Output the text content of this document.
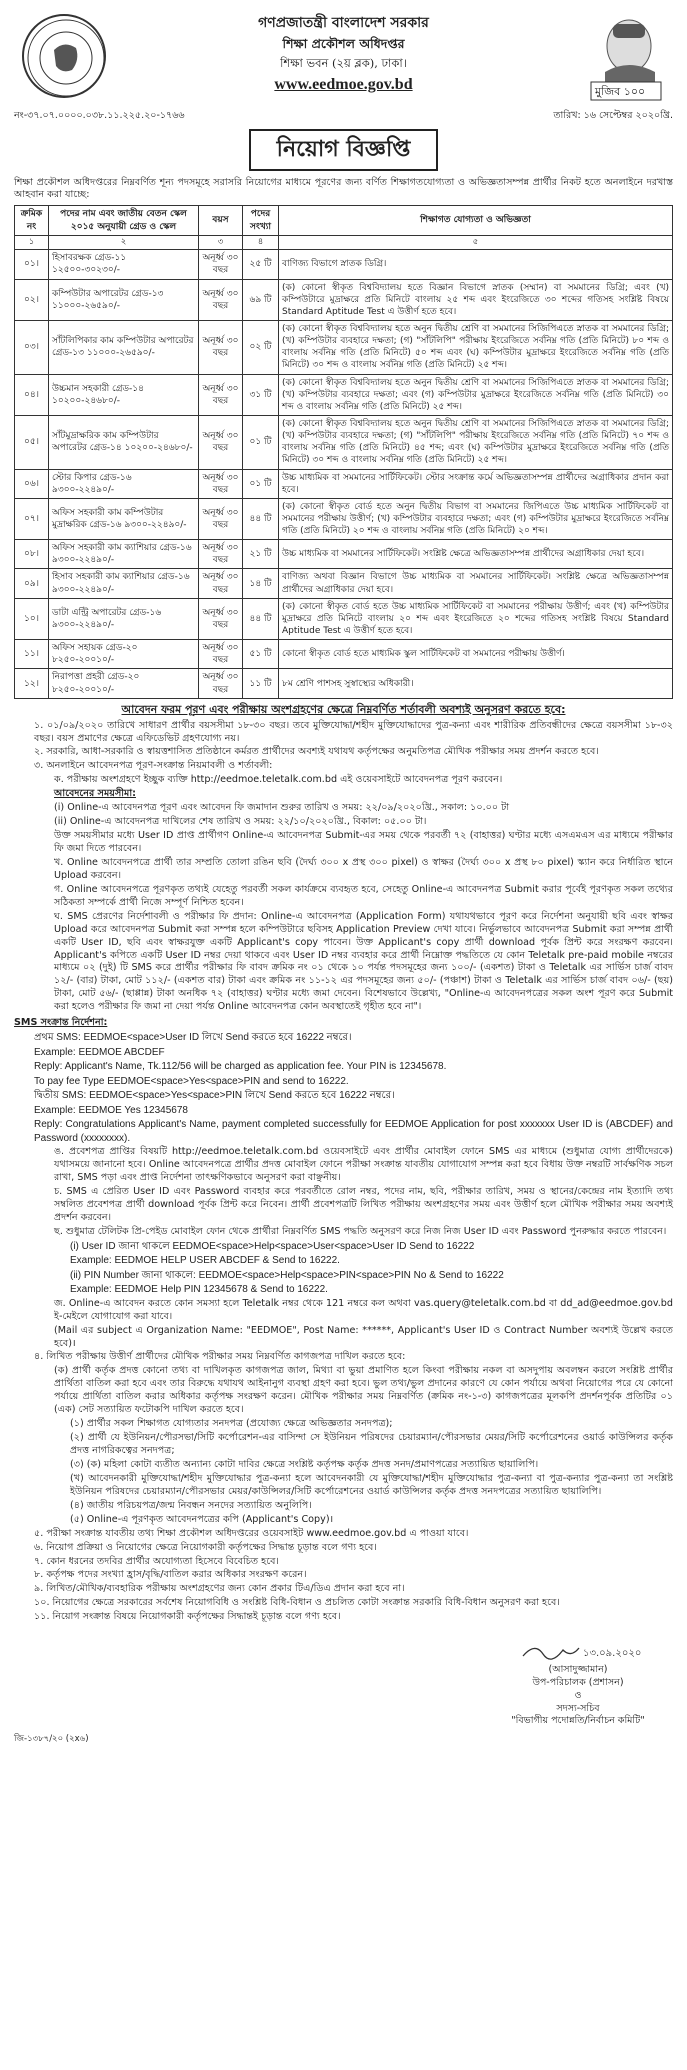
মুজিব ১০০
গণপ্রজাতন্ত্রী বাংলাদেশ সরকার
শিক্ষা প্রকৌশল অধিদপ্তর
শিক্ষা ভবন (২য় ব্লক), ঢাকা।
www.eedmoe.gov.bd
নং-৩৭.০৭.০০০০.০৩৮.১১.২২৫.২০-১৭৬৬	তারিখ: ১৬ সেপ্টেম্বর ২০২০খ্রি.
নিয়োগ বিজ্ঞপ্তি
শিক্ষা প্রকৌশল অধিদপ্তরের নিম্নবর্ণিত শূন্য পদসমূহে সরাসরি নিয়োগের মাধ্যমে পূরণের জন্য বর্ণিত শিক্ষাগতযোগ্যতা ও অভিজ্ঞতাসম্পন্ন প্রার্থীর নিকট হতে অনলাইনে দরখাস্ত আহবান করা যাচ্ছে:
ক্রমিক নং	পদের নাম এবং জাতীয় বেতন স্কেল ২০১৫ অনুযায়ী গ্রেড ও স্কেল	বয়স	পদের সংখ্যা	শিক্ষাগত যোগ্যতা ও অভিজ্ঞতা
১	২	৩	৪	৫
০১।	হিসাবরক্ষক গ্রেড-১১ ১২৫০০-৩০২৩০/-	অনূর্ধ্ব ৩০ বছর	২৫ টি	বাণিজ্য বিভাগে স্নাতক ডিগ্রি।
০২।	কম্পিউটার অপারেটর গ্রেড-১৩ ১১০০০-২৬৫৯০/-	অনূর্ধ্ব ৩০ বছর	৬৯ টি	(ক) কোনো স্বীকৃত বিশ্ববিদ্যালয় হতে বিজ্ঞান বিভাগে স্নাতক (সম্মান) বা সমমানের ডিগ্রি; এবং (খ) কম্পিউটারে মুদ্রাক্ষরে প্রতি মিনিটে বাংলায় ২৫ শব্দ এবং ইংরেজিতে ৩০ শব্দের গতিসহ সংশ্লিষ্ট বিষয়ে Standard Aptitude Test এ উত্তীর্ণ হতে হবে।
০৩।	সাঁটলিপিকার কাম কম্পিউটার অপারেটর গ্রেড-১৩ ১১০০০-২৬৫৯০/-	অনূর্ধ্ব ৩০ বছর	০২ টি	(ক) কোনো স্বীকৃত বিশ্ববিদ্যালয় হতে অনুন দ্বিতীয় শ্রেণি বা সমমানের সিজিপিএতে স্নাতক বা সমমানের ডিগ্রি; (খ) কম্পিউটার ব্যবহারে দক্ষতা; (গ) "সাঁটলিপি" পরীক্ষায় ইংরেজিতে সর্বনিম্ন গতি (প্রতি মিনিটে) ৮০ শব্দ ও বাংলায় সর্বনিম্ন গতি (প্রতি মিনিটে) ৫০ শব্দ এবং (ঘ) কম্পিউটার মুদ্রাক্ষরে ইংরেজিতে সর্বনিম্ন গতি (প্রতি মিনিটে) ৩০ শব্দ ও বাংলায় সর্বনিম্ন গতি (প্রতি মিনিটে) ২৫ শব্দ।
০৪।	উচ্চমান সহকারী গ্রেড-১৪ ১০২০০-২৪৬৮০/-	অনূর্ধ্ব ৩০ বছর	৩১ টি	(ক) কোনো স্বীকৃত বিশ্ববিদ্যালয় হতে অনুন দ্বিতীয় শ্রেণি বা সমমানের সিজিপিএতে স্নাতক বা সমমানের ডিগ্রি; (খ) কম্পিউটার ব্যবহারে দক্ষতা; এবং (গ) কম্পিউটার মুদ্রাক্ষরে ইংরেজিতে সর্বনিম্ন গতি (প্রতি মিনিটে) ৩০ শব্দ ও বাংলায় সর্বনিম্ন গতি (প্রতি মিনিটে) ২৫ শব্দ।
০৫।	সাঁটমুদ্রাক্ষরিক কাম কম্পিউটার অপারেটর গ্রেড-১৪ ১০২০০-২৪৬৮০/-	অনূর্ধ্ব ৩০ বছর	০১ টি	(ক) কোনো স্বীকৃত বিশ্ববিদ্যালয় হতে অনুন দ্বিতীয় শ্রেণি বা সমমানের সিজিপিএতে স্নাতক বা সমমানের ডিগ্রি; (খ) কম্পিউটার ব্যবহারে দক্ষতা; (গ) "সাঁটলিপি" পরীক্ষায় ইংরেজিতে সর্বনিম্ন গতি (প্রতি মিনিটে) ৭০ শব্দ ও বাংলায় সর্বনিম্ন গতি (প্রতি মিনিটে) ৪৫ শব্দ; এবং (ঘ) কম্পিউটার মুদ্রাক্ষরে ইংরেজিতে সর্বনিম্ন গতি (প্রতি মিনিটে) ৩০ শব্দ ও বাংলায় সর্বনিম্ন গতি (প্রতি মিনিটে) ২৫ শব্দ।
০৬।	স্টোর কিপার গ্রেড-১৬ ৯৩০০-২২৪৯০/-	অনূর্ধ্ব ৩০ বছর	০১ টি	উচ্চ মাধ্যমিক বা সমমানের সার্টিফিকেট। স্টোর সংক্রান্ত কর্মে অভিজ্ঞতাসম্পন্ন প্রার্থীদের অগ্রাধিকার প্রদান করা হবে।
০৭।	অফিস সহকারী কাম কম্পিউটার মুদ্রাক্ষরিক গ্রেড-১৬ ৯৩০০-২২৪৯০/-	অনূর্ধ্ব ৩০ বছর	৪৪ টি	(ক) কোনো স্বীকৃত বোর্ড হতে অনুন দ্বিতীয় বিভাগ বা সমমানের জিপিএতে উচ্চ মাধ্যমিক সার্টিফিকেট বা সমমানের পরীক্ষায় উত্তীর্ণ; (খ) কম্পিউটার ব্যবহারে দক্ষতা; এবং (গ) কম্পিউটার মুদ্রাক্ষরে ইংরেজিতে সর্বনিম্ন গতি (প্রতি মিনিটে) ২০ শব্দ ও বাংলায় সর্বনিম্ন গতি (প্রতি মিনিটে) ২০ শব্দ।
০৮।	অফিস সহকারী কাম ক্যাশিয়ার গ্রেড-১৬ ৯৩০০-২২৪৯০/-	অনূর্ধ্ব ৩০ বছর	২১ টি	উচ্চ মাধ্যমিক বা সমমানের সার্টিফিকেট। সংশ্লিষ্ট ক্ষেত্রে অভিজ্ঞতাসম্পন্ন প্রার্থীদের অগ্রাধিকার দেয়া হবে।
০৯।	হিসাব সহকারী কাম ক্যাশিয়ার গ্রেড-১৬ ৯৩০০-২২৪৯০/-	অনূর্ধ্ব ৩০ বছর	১৪ টি	বাণিজ্য অথবা বিজ্ঞান বিভাগে উচ্চ মাধ্যমিক বা সমমানের সার্টিফিকেট। সংশ্লিষ্ট ক্ষেত্রে অভিজ্ঞতাসম্পন্ন প্রার্থীদের অগ্রাধিকার দেয়া হবে।
১০।	ডাটা এন্ট্রি অপারেটর গ্রেড-১৬ ৯৩০০-২২৪৯০/-	অনূর্ধ্ব ৩০ বছর	৪৪ টি	(ক) কোনো স্বীকৃত বোর্ড হতে উচ্চ মাধ্যমিক সার্টিফিকেট বা সমমানের পরীক্ষায় উত্তীর্ণ; এবং (খ) কম্পিউটার মুদ্রাক্ষরে প্রতি মিনিটে বাংলায় ২০ শব্দ এবং ইংরেজিতে ২০ শব্দের গতিসহ সংশ্লিষ্ট বিষয়ে Standard Aptitude Test এ উত্তীর্ণ হতে হবে।
১১।	অফিস সহায়ক গ্রেড-২০ ৮২৫০-২০০১০/-	অনূর্ধ্ব ৩০ বছর	৫১ টি	কোনো স্বীকৃত বোর্ড হতে মাধ্যমিক স্কুল সার্টিফিকেট বা সমমানের পরীক্ষায় উত্তীর্ণ।
১২।	নিরাপত্তা প্রহরী গ্রেড-২০ ৮২৫০-২০০১০/-	অনূর্ধ্ব ৩০ বছর	১১ টি	৮ম শ্রেণি পাশসহ সুস্বাস্থ্যের অধিকারী।
আবেদন ফরম পূরণ এবং পরীক্ষায় অংশগ্রহণের ক্ষেত্রে নিম্নবর্ণিত শর্তাবলী অবশ্যই অনুসরণ করতে হবে:
১. ০১/০৯/২০২০ তারিখে সাধারণ প্রার্থীর বয়সসীমা ১৮-৩০ বছর। তবে মুক্তিযোদ্ধা/শহীদ মুক্তিযোদ্ধাদের পুত্র-কন্যা এবং শারীরিক প্রতিবন্ধীদের ক্ষেত্রে বয়সসীমা ১৮-৩২ বছর। বয়স প্রমাণের ক্ষেত্রে এফিডেভিট গ্রহণযোগ্য নয়।
২. সরকারি, আধা-সরকারি ও স্বায়ত্তশাসিত প্রতিষ্ঠানে কর্মরত প্রার্থীদের অবশ্যই যথাযথ কর্তৃপক্ষের অনুমতিপত্র মৌখিক পরীক্ষার সময় প্রদর্শন করতে হবে।
৩. অনলাইনে আবেদনপত্র পূরণ-সংক্রান্ত নিয়মাবলী ও শর্তাবলী:
ক. পরীক্ষায় অংশগ্রহণে ইচ্ছুক ব্যক্তি http://eedmoe.teletalk.com.bd এই ওয়েবসাইটে আবেদনপত্র পূরণ করবেন।
আবেদনের সময়সীমা:
(i) Online-এ আবেদনপত্র পূরণ এবং আবেদন ফি জমাদান শুরুর তারিখ ও সময়: ২২/০৯/২০২০খ্রি., সকাল: ১০.০০ টা
(ii) Online-এ আবেদনপত্র দাখিলের শেষ তারিখ ও সময়: ২২/১০/২০২০খ্রি., বিকাল: ০৫.০০ টা।
উক্ত সময়সীমার মধ্যে User ID প্রাপ্ত প্রার্থীগণ Online-এ আবেদনপত্র Submit-এর সময় থেকে পরবর্তী ৭২ (বাহাত্তর) ঘণ্টার মধ্যে এসএমএস এর মাধ্যমে পরীক্ষার ফি জমা দিতে পারবেন।
খ. Online আবেদনপত্রে প্রার্থী তার সম্প্রতি তোলা রঙিন ছবি (দৈর্ঘ্য ৩০০ x প্রস্থ ৩০০ pixel) ও স্বাক্ষর (দৈর্ঘ্য ৩০০ x প্রস্থ ৮০ pixel) স্ক্যান করে নির্ধারিত স্থানে Upload করবেন।
গ. Online আবেদনপত্রে পূরণকৃত তথ্যই যেহেতু পরবর্তী সকল কার্যক্রমে ব্যবহৃত হবে, সেহেতু Online-এ আবেদনপত্র Submit করার পূর্বেই পূরণকৃত সকল তথ্যের সঠিকতা সম্পর্কে প্রার্থী নিজে সম্পূর্ণ নিশ্চিত হবেন।
ঘ. SMS প্রেরণের নির্দেশাবলী ও পরীক্ষার ফি প্রদান: Online-এ আবেদনপত্র (Application Form) যথাযথভাবে পূরণ করে নির্দেশনা অনুযায়ী ছবি এবং স্বাক্ষর Upload করে আবেদনপত্র Submit করা সম্পন্ন হলে কম্পিউটারে ছবিসহ Application Preview দেখা যাবে। নির্ভুলভাবে আবেদনপত্র Submit করা সম্পন্ন প্রার্থী একটি User ID, ছবি এবং স্বাক্ষরযুক্ত একটি Applicant's copy পাবেন। উক্ত Applicant's copy প্রার্থী download পূর্বক প্রিন্ট করে সংরক্ষণ করবেন। Applicant's কপিতে একটি User ID নম্বর দেয়া থাকবে এবং User ID নম্বর ব্যবহার করে প্রার্থী নিম্নোক্ত পদ্ধতিতে যে কোন Teletalk pre-paid mobile নম্বরের মাধ্যমে ০২ (দুই) টি SMS করে প্রার্থীর পরীক্ষার ফি বাবদ ক্রমিক নং ০১ থেকে ১০ পর্যন্ত পদসমূহের জন্য ১০০/- (একশত) টাকা ও Teletalk এর সার্ভিস চার্জ বাবদ ১২/- (বার) টাকা, মোট ১১২/- (একশত বার) টাকা এবং ক্রমিক নং ১১-১২ এর পদসমূহের জন্য ৫০/- (পঞ্চাশ) টাকা ও Teletalk এর সার্ভিস চার্জ বাবদ ০৬/- (ছয়) টাকা, মোট ৫৬/- (ছাপ্পান্ন) টাকা অনধিক ৭২ (বাহাত্তর) ঘণ্টার মধ্যে জমা দেবেন। বিশেষভাবে উল্লেখ্য, "Online-এ আবেদনপত্রের সকল অংশ পূরণ করে Submit করা হলেও পরীক্ষার ফি জমা না দেয়া পর্যন্ত Online আবেদনপত্র কোন অবস্থাতেই গৃহীত হবে না"।
SMS সংক্রান্ত নির্দেশনা:
প্রথম SMS: EEDMOE<space>User ID লিখে Send করতে হবে 16222 নম্বরে।
Example: EEDMOE ABCDEF
Reply: Applicant's Name, Tk.112/56 will be charged as application fee. Your PIN is 12345678.
To pay fee Type EEDMOE<space>Yes<space>PIN and send to 16222.
দ্বিতীয় SMS: EEDMOE<space>Yes<space>PIN লিখে Send করতে হবে 16222 নম্বরে।
Example: EEDMOE Yes 12345678
Reply: Congratulations Applicant's Name, payment completed successfully for EEDMOE Application for post xxxxxxx User ID is (ABCDEF) and Password (xxxxxxxx).
ঙ. প্রবেশপত্র প্রাপ্তির বিষয়টি http://eedmoe.teletalk.com.bd ওয়েবসাইটে এবং প্রার্থীর মোবাইল ফোনে SMS এর মাধ্যমে (শুধুমাত্র যোগ্য প্রার্থীদেরকে) যথাসময়ে জানানো হবে। Online আবেদনপত্রে প্রার্থীর প্রদত্ত মোবাইল ফোনে পরীক্ষা সংক্রান্ত যাবতীয় যোগাযোগ সম্পন্ন করা হবে বিধায় উক্ত নম্বরটি সার্বক্ষণিক সচল রাখা, SMS পড়া এবং প্রাপ্ত নির্দেশনা তাৎক্ষণিকভাবে অনুসরণ করা বাঞ্ছনীয়।
চ. SMS এ প্রেরিত User ID এবং Password ব্যবহার করে পরবর্তীতে রোল নম্বর, পদের নাম, ছবি, পরীক্ষার তারিখ, সময় ও স্থানের/কেন্দ্রের নাম ইত্যাদি তথ্য সম্বলিত প্রবেশপত্র প্রার্থী download পূর্বক প্রিন্ট করে নিবেন। প্রার্থী প্রবেশপত্রটি লিখিত পরীক্ষায় অংশগ্রহণের সময় এবং উত্তীর্ণ হলে মৌখিক পরীক্ষার সময় অবশ্যই প্রদর্শন করবেন।
ছ. শুধুমাত্র টেলিটক প্রি-পেইড মোবাইল ফোন থেকে প্রার্থীরা নিম্নবর্ণিত SMS পদ্ধতি অনুসরণ করে নিজ নিজ User ID এবং Password পুনরুদ্ধার করতে পারবেন।
(i) User ID জানা থাকলে EEDMOE<space>Help<space>User<space>User ID Send to 16222
Example: EEDMOE HELP USER ABCDEF & Send to 16222.
(ii) PIN Number জানা থাকলে: EEDMOE<space>Help<space>PIN<space>PIN No & Send to 16222
Example: EEDMOE Help PIN 12345678 & Send to 16222.
জ. Online-এ আবেদন করতে কোন সমস্যা হলে Teletalk নম্বর থেকে 121 নম্বরে কল অথবা vas.query@teletalk.com.bd বা dd_ad@eedmoe.gov.bd ই-মেইলে যোগাযোগ করা যাবে।
(Mail এর subject এ Organization Name: "EEDMOE", Post Name: ******, Applicant's User ID ও Contract Number অবশ্যই উল্লেখ করতে হবে)।
৪. লিখিত পরীক্ষায় উত্তীর্ণ প্রার্থীদের মৌখিক পরীক্ষার সময় নিম্নবর্ণিত কাগজপত্র দাখিল করতে হবে:
(ক) প্রার্থী কর্তৃক প্রদত্ত কোনো তথ্য বা দাখিলকৃত কাগজপত্র জাল, মিথ্যা বা ভুয়া প্রমাণিত হলে কিংবা পরীক্ষায় নকল বা অসদুপায় অবলম্বন করলে সংশ্লিষ্ট প্রার্থীর প্রার্থিতা বাতিল করা হবে এবং তার বিরুদ্ধে যথাযথ আইনানুগ ব্যবস্থা গ্রহণ করা হবে। ভুল তথ্য/ভুল প্রদানের কারণে যে কোন পর্যায়ে অথবা নিয়োগের পরে যে কোনো পর্যায়ে প্রার্থিতা বাতিল করার অধিকার কর্তৃপক্ষ সংরক্ষণ করেন। মৌখিক পরীক্ষার সময় নিম্নবর্ণিত (ক্রমিক নং-১-৩) কাগজপত্রের মূলকপি প্রদর্শনপূর্বক প্রতিটির ০১ (এক) সেট সত্যায়িত ফটোকপি দাখিল করতে হবে।
(১) প্রার্থীর সকল শিক্ষাগত যোগ্যতার সনদপত্র (প্রযোজ্য ক্ষেত্রে অভিজ্ঞতার সনদপত্র);
(২) প্রার্থী যে ইউনিয়ন/পৌরসভা/সিটি কর্পোরেশন-এর বাসিন্দা সে ইউনিয়ন পরিষদের চেয়ারম্যান/পৌরসভার মেয়র/সিটি কর্পোরেশনের ওয়ার্ড কাউন্সিলর কর্তৃক প্রদত্ত নাগরিকত্বের সনদপত্র;
(৩) (ক) মহিলা কোটা ব্যতীত অন্যান্য কোটা দাবির ক্ষেত্রে সংশ্লিষ্ট কর্তৃপক্ষ কর্তৃক প্রদত্ত সনদ/প্রমাণপত্রের সত্যায়িত ছায়ালিপি।
(খ) আবেদনকারী মুক্তিযোদ্ধা/শহীদ মুক্তিযোদ্ধার পুত্র-কন্যা হলে আবেদনকারী যে মুক্তিযোদ্ধা/শহীদ মুক্তিযোদ্ধার পুত্র-কন্যা বা পুত্র-কন্যার পুত্র-কন্যা তা সংশ্লিষ্ট ইউনিয়ন পরিষদের চেয়ারম্যান/পৌরসভার মেয়র/কাউন্সিলর/সিটি কর্পোরেশনের ওয়ার্ড কাউন্সিলর কর্তৃক প্রদত্ত সনদপত্রের সত্যায়িত ছায়ালিপি।
(৪) জাতীয় পরিচয়পত্র/জন্ম নিবন্ধন সনদের সত্যায়িত অনুলিপি।
(৫) Online-এ পূরণকৃত আবেদনপত্রের কপি (Applicant's Copy)।
৫. পরীক্ষা সংক্রান্ত যাবতীয় তথ্য শিক্ষা প্রকৌশল অধিদপ্তরের ওয়েবসাইট www.eedmoe.gov.bd এ পাওয়া যাবে।
৬. নিয়োগ প্রক্রিয়া ও নিয়োগের ক্ষেত্রে নিয়োগকারী কর্তৃপক্ষের সিদ্ধান্ত চূড়ান্ত বলে গণ্য হবে।
৭. কোন ধরনের তদবির প্রার্থীর অযোগ্যতা হিসেবে বিবেচিত হবে।
৮. কর্তৃপক্ষ পদের সংখ্যা হ্রাস/বৃদ্ধি/বাতিল করার অধিকার সংরক্ষণ করেন।
৯. লিখিত/মৌখিক/ব্যবহারিক পরীক্ষায় অংশগ্রহণের জন্য কোন প্রকার টিএ/ডিএ প্রদান করা হবে না।
১০. নিয়োগের ক্ষেত্রে সরকারের সর্বশেষ নিয়োগবিধি ও সংশ্লিষ্ট বিধি-বিধান ও প্রচলিত কোটা সংক্রান্ত সরকারি বিধি-বিধান অনুসরণ করা হবে।
১১. নিয়োগ সংক্রান্ত বিষয়ে নিয়োগকারী কর্তৃপক্ষের সিদ্ধান্তই চূড়ান্ত বলে গণ্য হবে।
১৩.০৯.২০২০
(আসাদুজ্জামান)
উপ-পরিচালক (প্রশাসন)
ও
সদস্য-সচিব
"বিভাগীয় পদোন্নতি/নির্বাচন কমিটি"
জি-১৩৮৭/২০ (২x৬)
